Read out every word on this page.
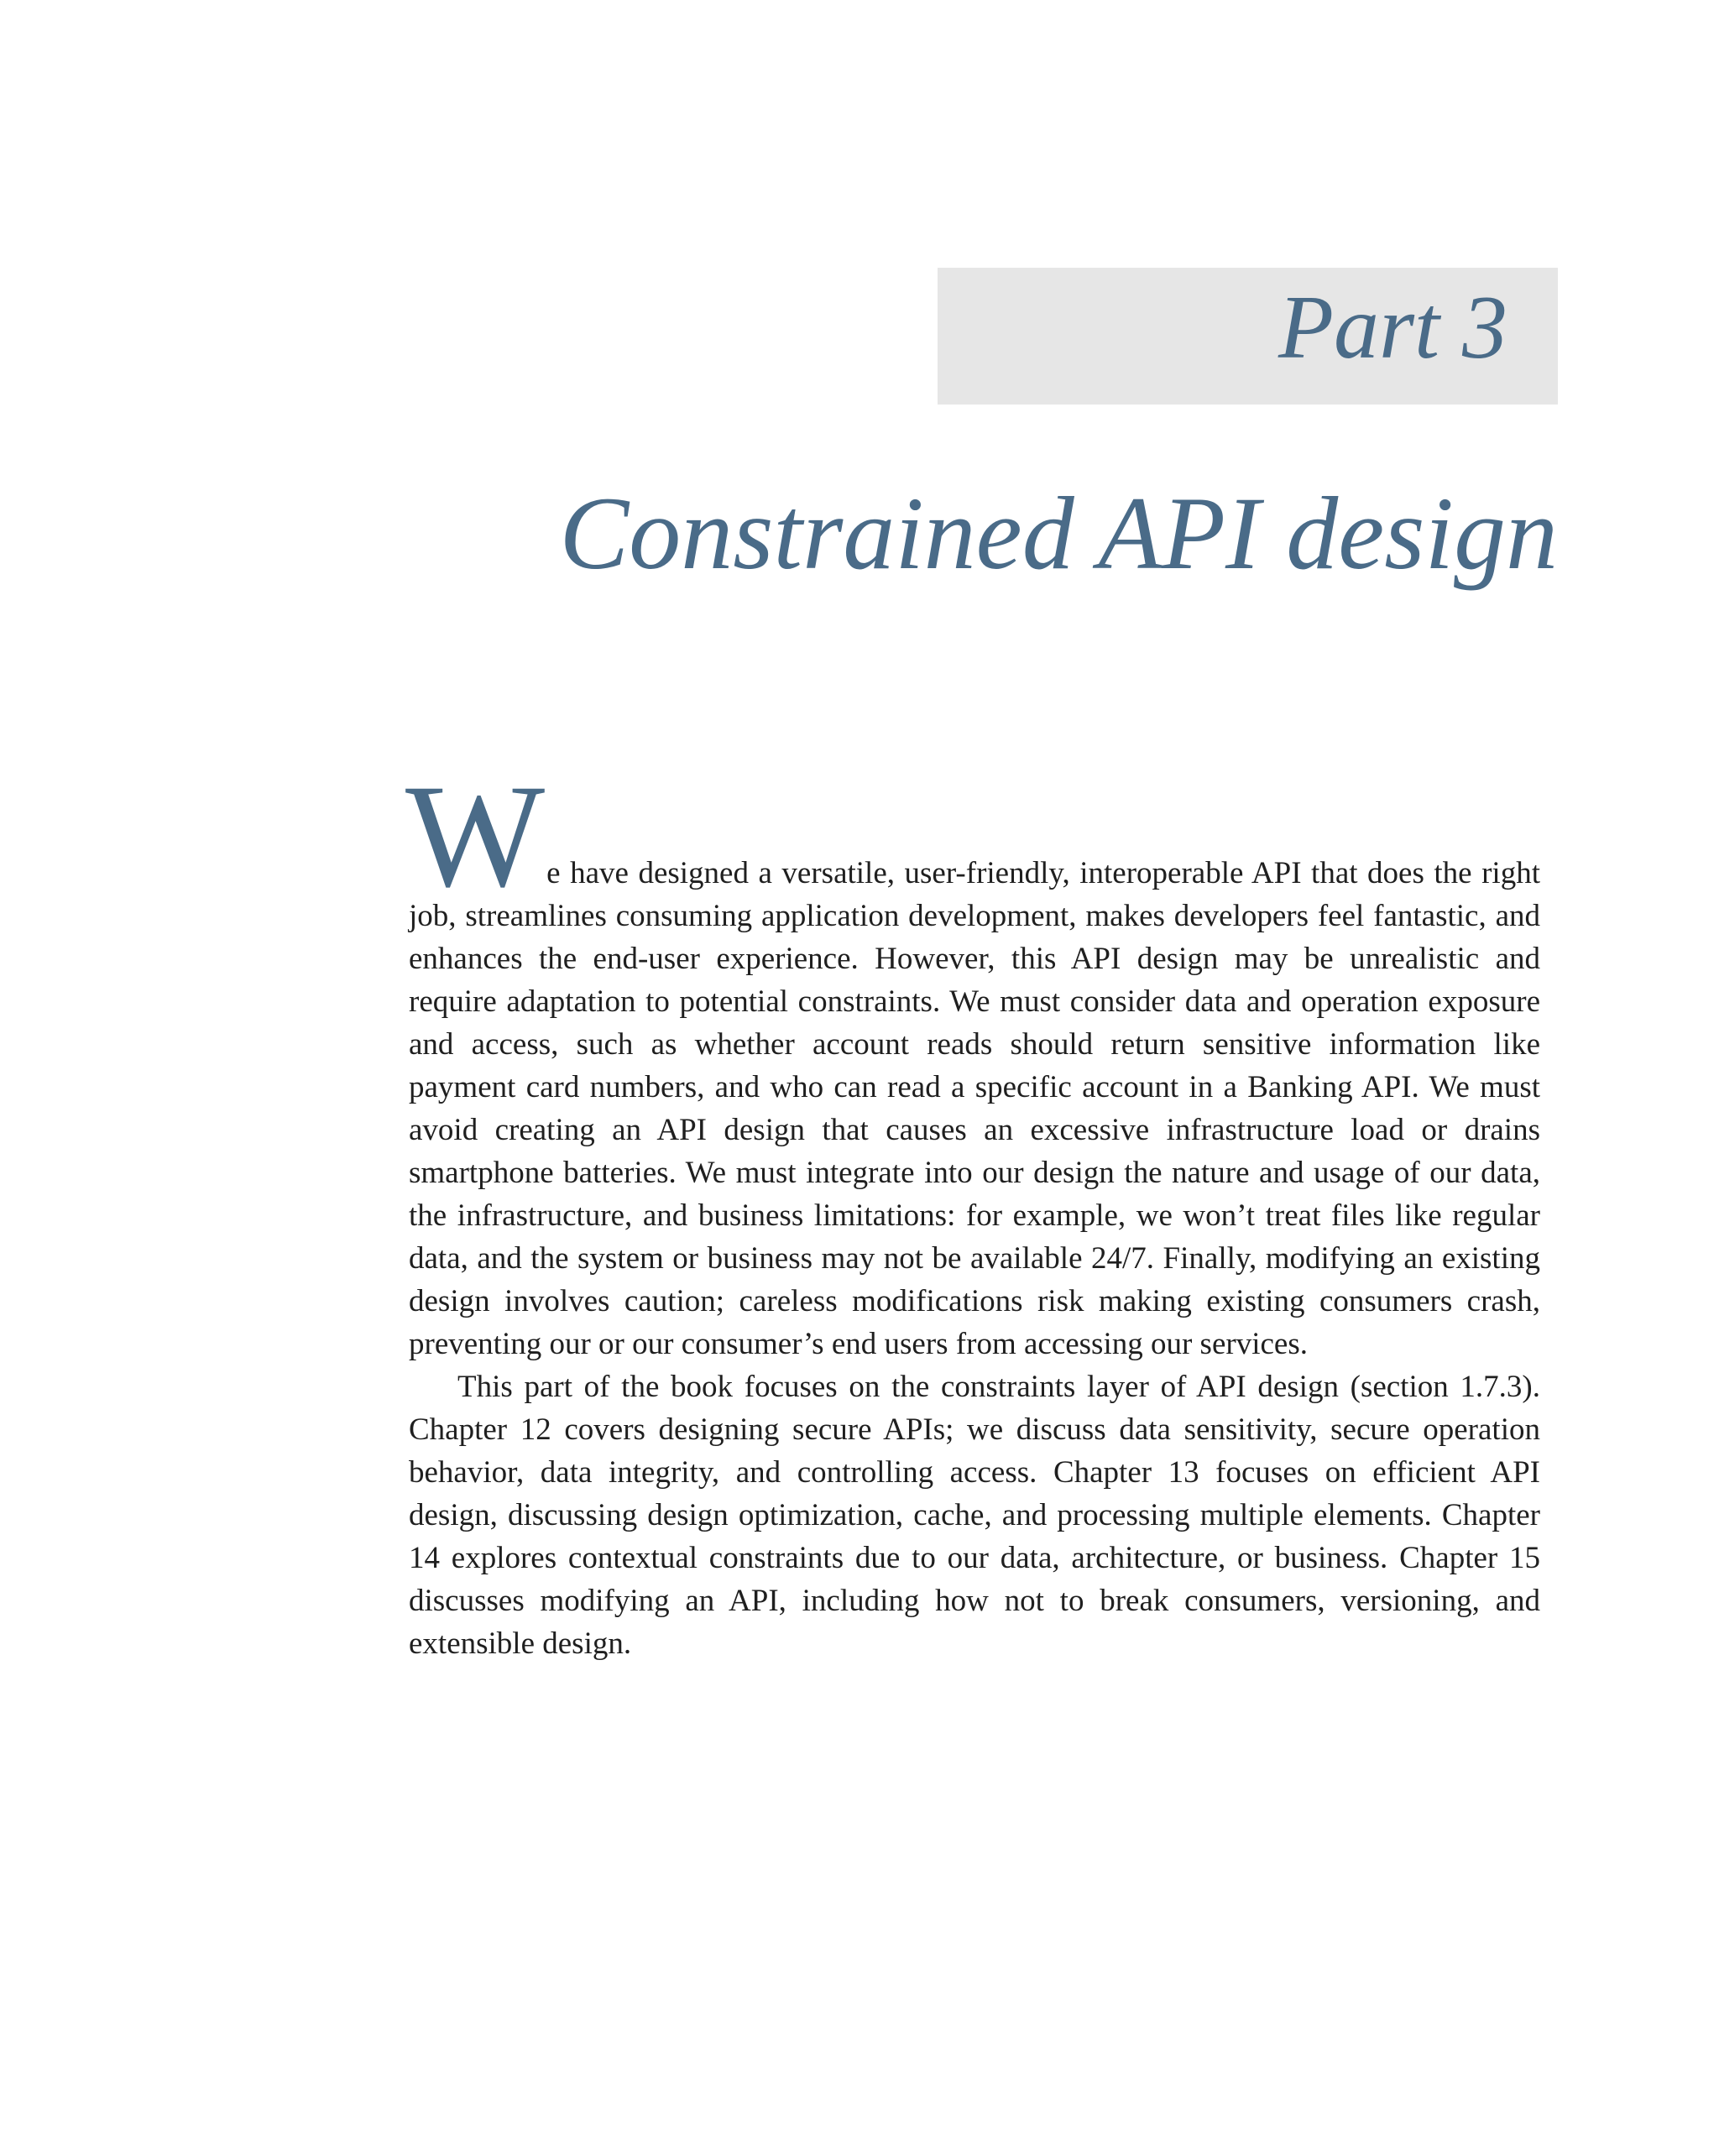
Part 3
Constrained API design

We have designed a versatile, user-friendly, interoperable API that does the right job, streamlines consuming application development, makes developers feel fantastic, and enhances the end-user experience. However, this API design may be unrealistic and require adaptation to potential constraints. We must consider data and operation exposure and access, such as whether account reads should return sensitive information like payment card numbers, and who can read a specific account in a Banking API. We must avoid creating an API design that causes an excessive infrastructure load or drains smartphone batteries. We must integrate into our design the nature and usage of our data, the infrastructure, and business limitations: for example, we won’t treat files like regular data, and the system or business may not be available 24/7. Finally, modifying an existing design involves caution; careless modifications risk making existing consumers crash, preventing our or our consumer’s end users from accessing our services.

This part of the book focuses on the constraints layer of API design (section 1.7.3). Chapter 12 covers designing secure APIs; we discuss data sensitivity, secure operation behavior, data integrity, and controlling access. Chapter 13 focuses on efficient API design, discussing design optimization, cache, and processing multiple elements. Chapter 14 explores contextual constraints due to our data, architecture, or business. Chapter 15 discusses modifying an API, including how not to break consumers, versioning, and extensible design.
